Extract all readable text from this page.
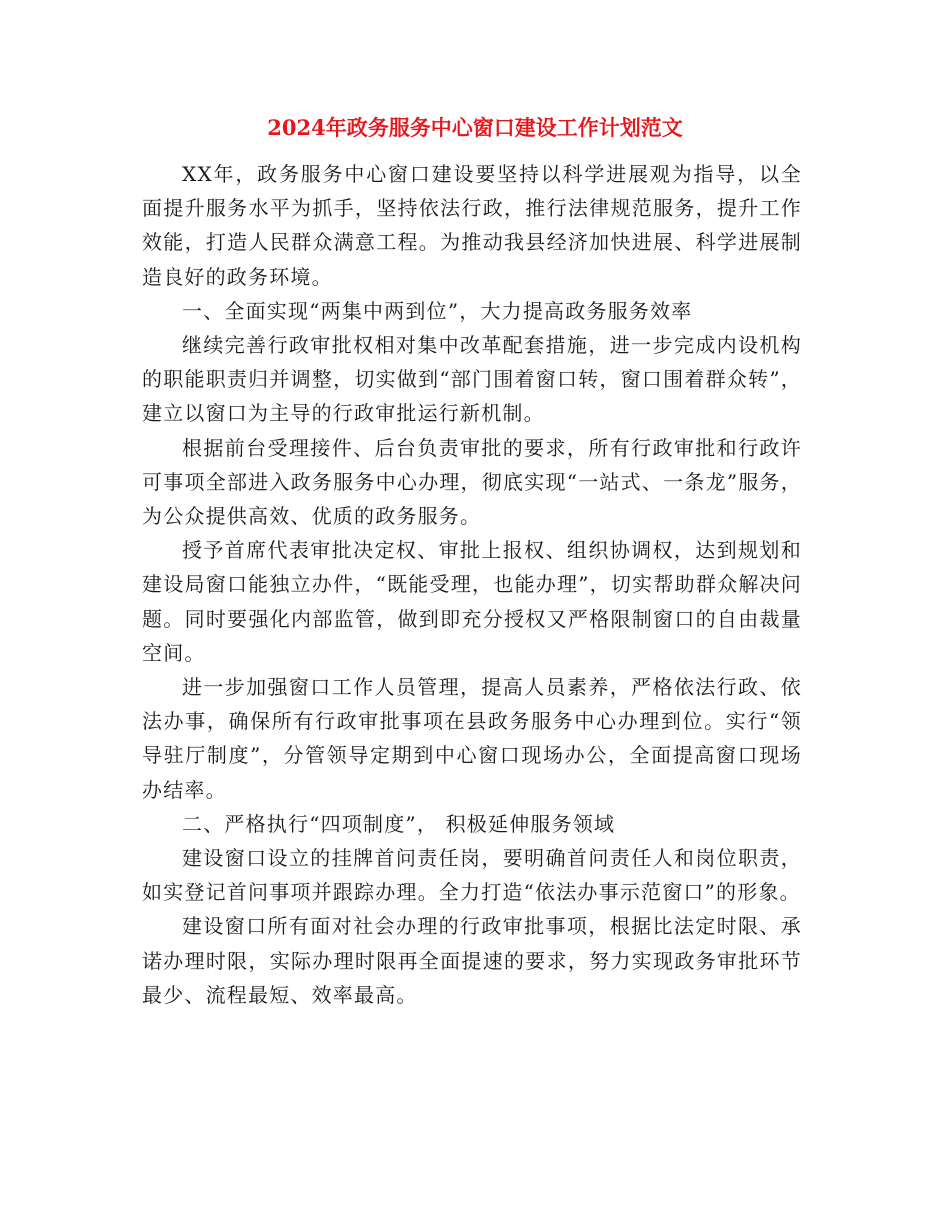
2024年政务服务中心窗口建设工作计划范文

XX年，政务服务中心窗口建设要坚持以科学进展观为指导，以全面提升服务水平为抓手，坚持依法行政，推行法律规范服务，提升工作效能，打造人民群众满意工程。为推动我县经济加快进展、科学进展制造良好的政务环境。

一、全面实现“两集中两到位”，大力提高政务服务效率

继续完善行政审批权相对集中改革配套措施，进一步完成内设机构的职能职责归并调整，切实做到“部门围着窗口转，窗口围着群众转”，建立以窗口为主导的行政审批运行新机制。

根据前台受理接件、后台负责审批的要求，所有行政审批和行政许可事项全部进入政务服务中心办理，彻底实现“一站式、一条龙”服务，为公众提供高效、优质的政务服务。

授予首席代表审批决定权、审批上报权、组织协调权，达到规划和建设局窗口能独立办件，“既能受理，也能办理”，切实帮助群众解决问题。同时要强化内部监管，做到即充分授权又严格限制窗口的自由裁量空间。

进一步加强窗口工作人员管理，提高人员素养，严格依法行政、依法办事，确保所有行政审批事项在县政务服务中心办理到位。实行“领导驻厅制度”，分管领导定期到中心窗口现场办公，全面提高窗口现场办结率。

二、严格执行“四项制度”， 积极延伸服务领域

建设窗口设立的挂牌首问责任岗，要明确首问责任人和岗位职责，如实登记首问事项并跟踪办理。全力打造“依法办事示范窗口”的形象。

建设窗口所有面对社会办理的行政审批事项，根据比法定时限、承诺办理时限，实际办理时限再全面提速的要求，努力实现政务审批环节最少、流程最短、效率最高。
